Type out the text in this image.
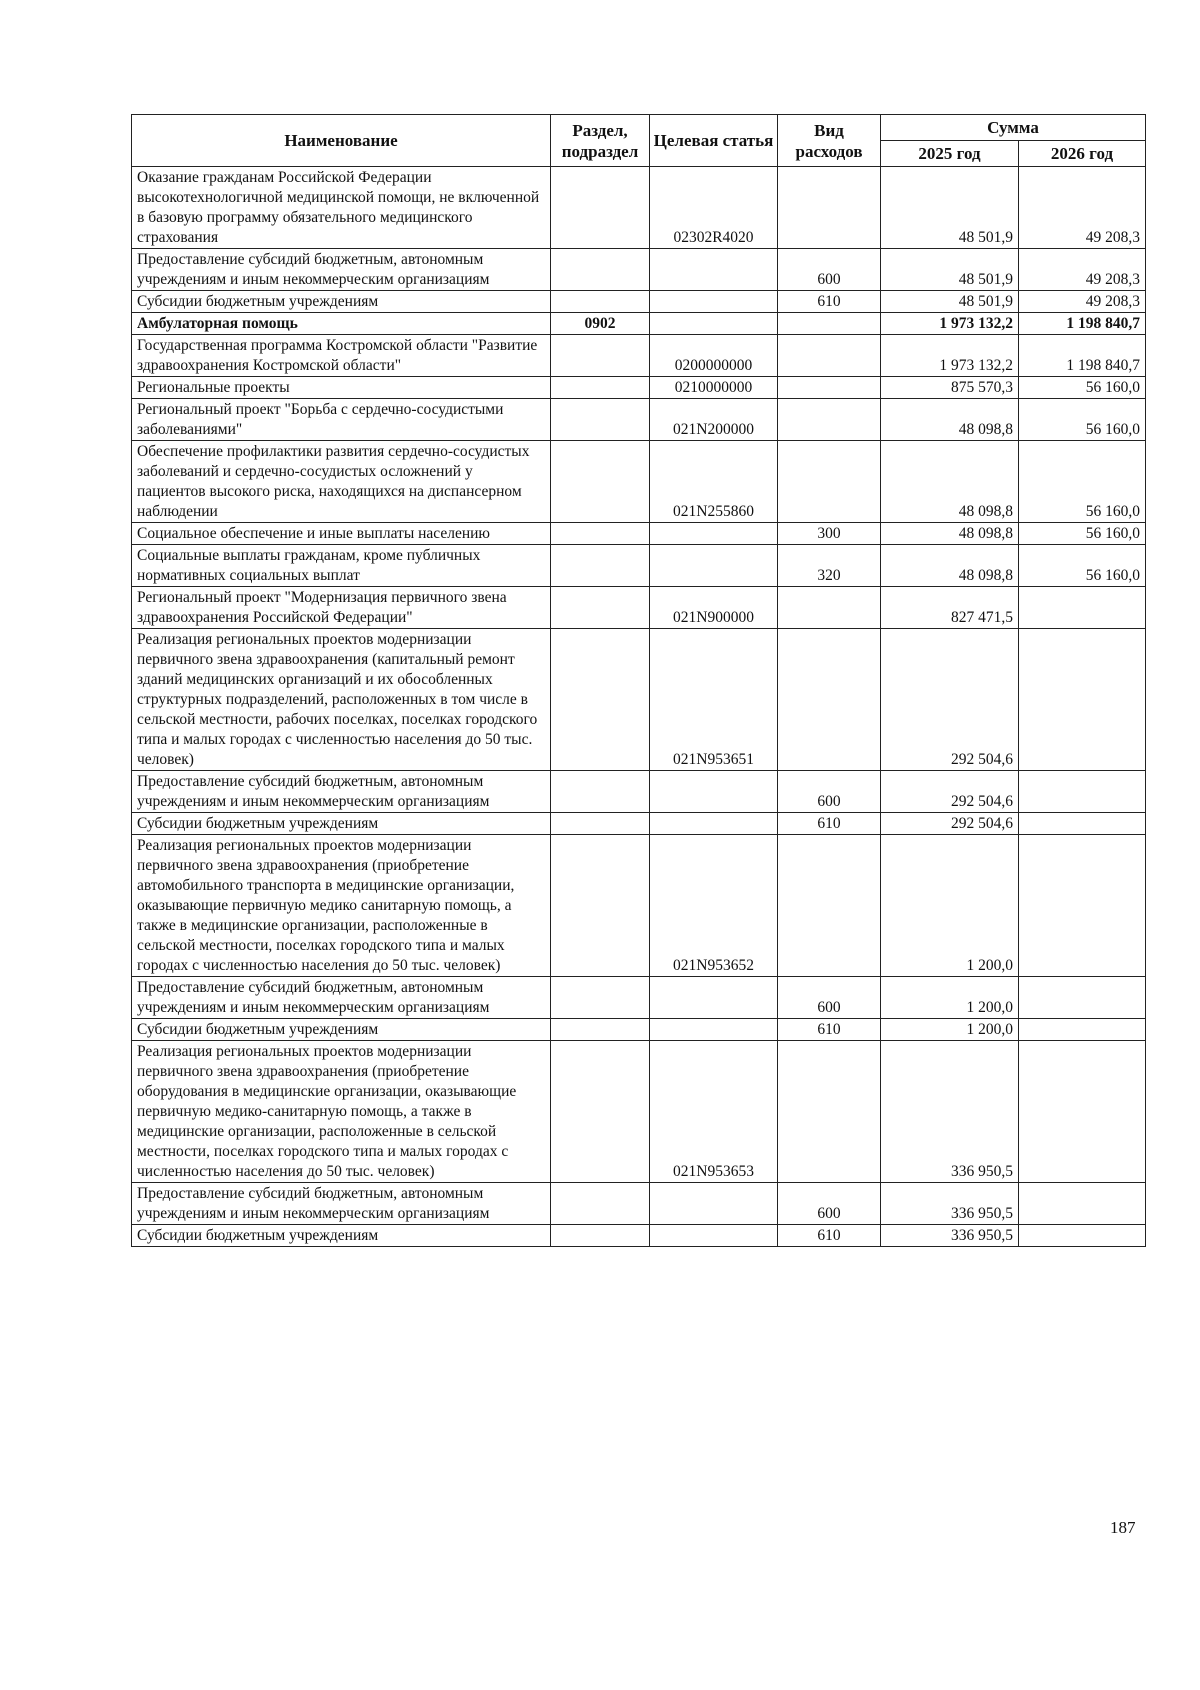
Наименование	Раздел, подраздел	Целевая статья	Вид расходов	Сумма	
				2025 год	2026 год
Оказание гражданам Российской Федерации высокотехнологичной медицинской помощи, не включенной в базовую программу обязательного медицинского страхования		02302R4020		48 501,9	49 208,3
Предоставление субсидий бюджетным, автономным учреждениям и иным некоммерческим организациям			600	48 501,9	49 208,3
Субсидии бюджетным учреждениям			610	48 501,9	49 208,3
Амбулаторная помощь	0902			1 973 132,2	1 198 840,7
Государственная программа Костромской области "Развитие здравоохранения Костромской области"		0200000000		1 973 132,2	1 198 840,7
Региональные проекты		0210000000		875 570,3	56 160,0
Региональный проект "Борьба с сердечно-сосудистыми заболеваниями"		021N200000		48 098,8	56 160,0
Обеспечение профилактики развития сердечно-сосудистых заболеваний и сердечно-сосудистых осложнений у пациентов высокого риска, находящихся на диспансерном наблюдении		021N255860		48 098,8	56 160,0
Социальное обеспечение и иные выплаты населению			300	48 098,8	56 160,0
Социальные выплаты гражданам, кроме публичных нормативных социальных выплат			320	48 098,8	56 160,0
Региональный проект "Модернизация первичного звена здравоохранения Российской Федерации"		021N900000		827 471,5	
Реализация региональных проектов модернизации первичного звена здравоохранения (капитальный ремонт зданий медицинских организаций и их обособленных структурных подразделений, расположенных в том числе в сельской местности, рабочих поселках, поселках городского типа и малых городах с численностью населения до 50 тыс. человек)		021N953651		292 504,6	
Предоставление субсидий бюджетным, автономным учреждениям и иным некоммерческим организациям			600	292 504,6	
Субсидии бюджетным учреждениям			610	292 504,6	
Реализация региональных проектов модернизации первичного звена здравоохранения (приобретение автомобильного транспорта в медицинские организации, оказывающие первичную медико санитарную помощь, а также в медицинские организации, расположенные в сельской местности, поселках городского типа и малых городах с численностью населения до 50 тыс. человек)		021N953652		1 200,0	
Предоставление субсидий бюджетным, автономным учреждениям и иным некоммерческим организациям			600	1 200,0	
Субсидии бюджетным учреждениям			610	1 200,0	
Реализация региональных проектов модернизации первичного звена здравоохранения (приобретение оборудования в медицинские организации, оказывающие первичную медико-санитарную помощь, а также в медицинские организации, расположенные в сельской местности, поселках городского типа и малых городах с численностью населения до 50 тыс. человек)		021N953653		336 950,5	
Предоставление субсидий бюджетным, автономным учреждениям и иным некоммерческим организациям			600	336 950,5	
Субсидии бюджетным учреждениям			610	336 950,5	
187
